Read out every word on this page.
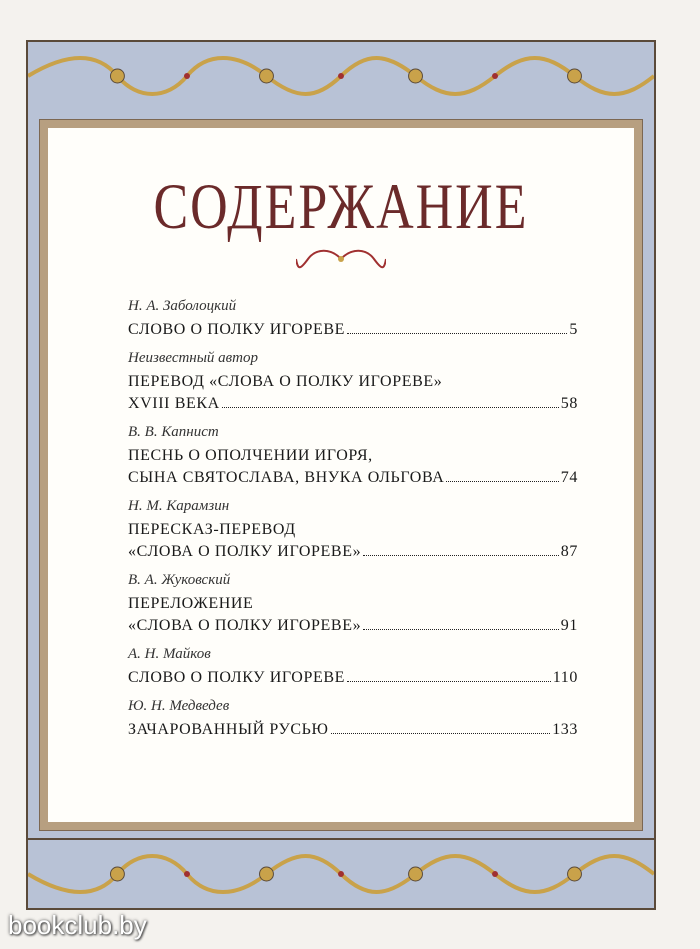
СОДЕРЖАНИЕ
Н. А. Заболоцкий
СЛОВО О ПОЛКУ ИГОРЕВЕ	5
Неизвестный автор
ПЕРЕВОД «СЛОВА О ПОЛКУ ИГОРЕВЕ»
XVIII ВЕКА	58
В. В. Капнист
ПЕСНЬ О ОПОЛЧЕНИИ ИГОРЯ,
СЫНА СВЯТОСЛАВА, ВНУКА ОЛЬГОВА	74
Н. М. Карамзин
ПЕРЕСКАЗ-ПЕРЕВОД
«СЛОВА О ПОЛКУ ИГОРЕВЕ»	87
В. А. Жуковский
ПЕРЕЛОЖЕНИЕ
«СЛОВА О ПОЛКУ ИГОРЕВЕ»	91
А. Н. Майков
СЛОВО О ПОЛКУ ИГОРЕВЕ	110
Ю. Н. Медведев
ЗАЧАРОВАННЫЙ РУСЬЮ	133
bookclub.by
